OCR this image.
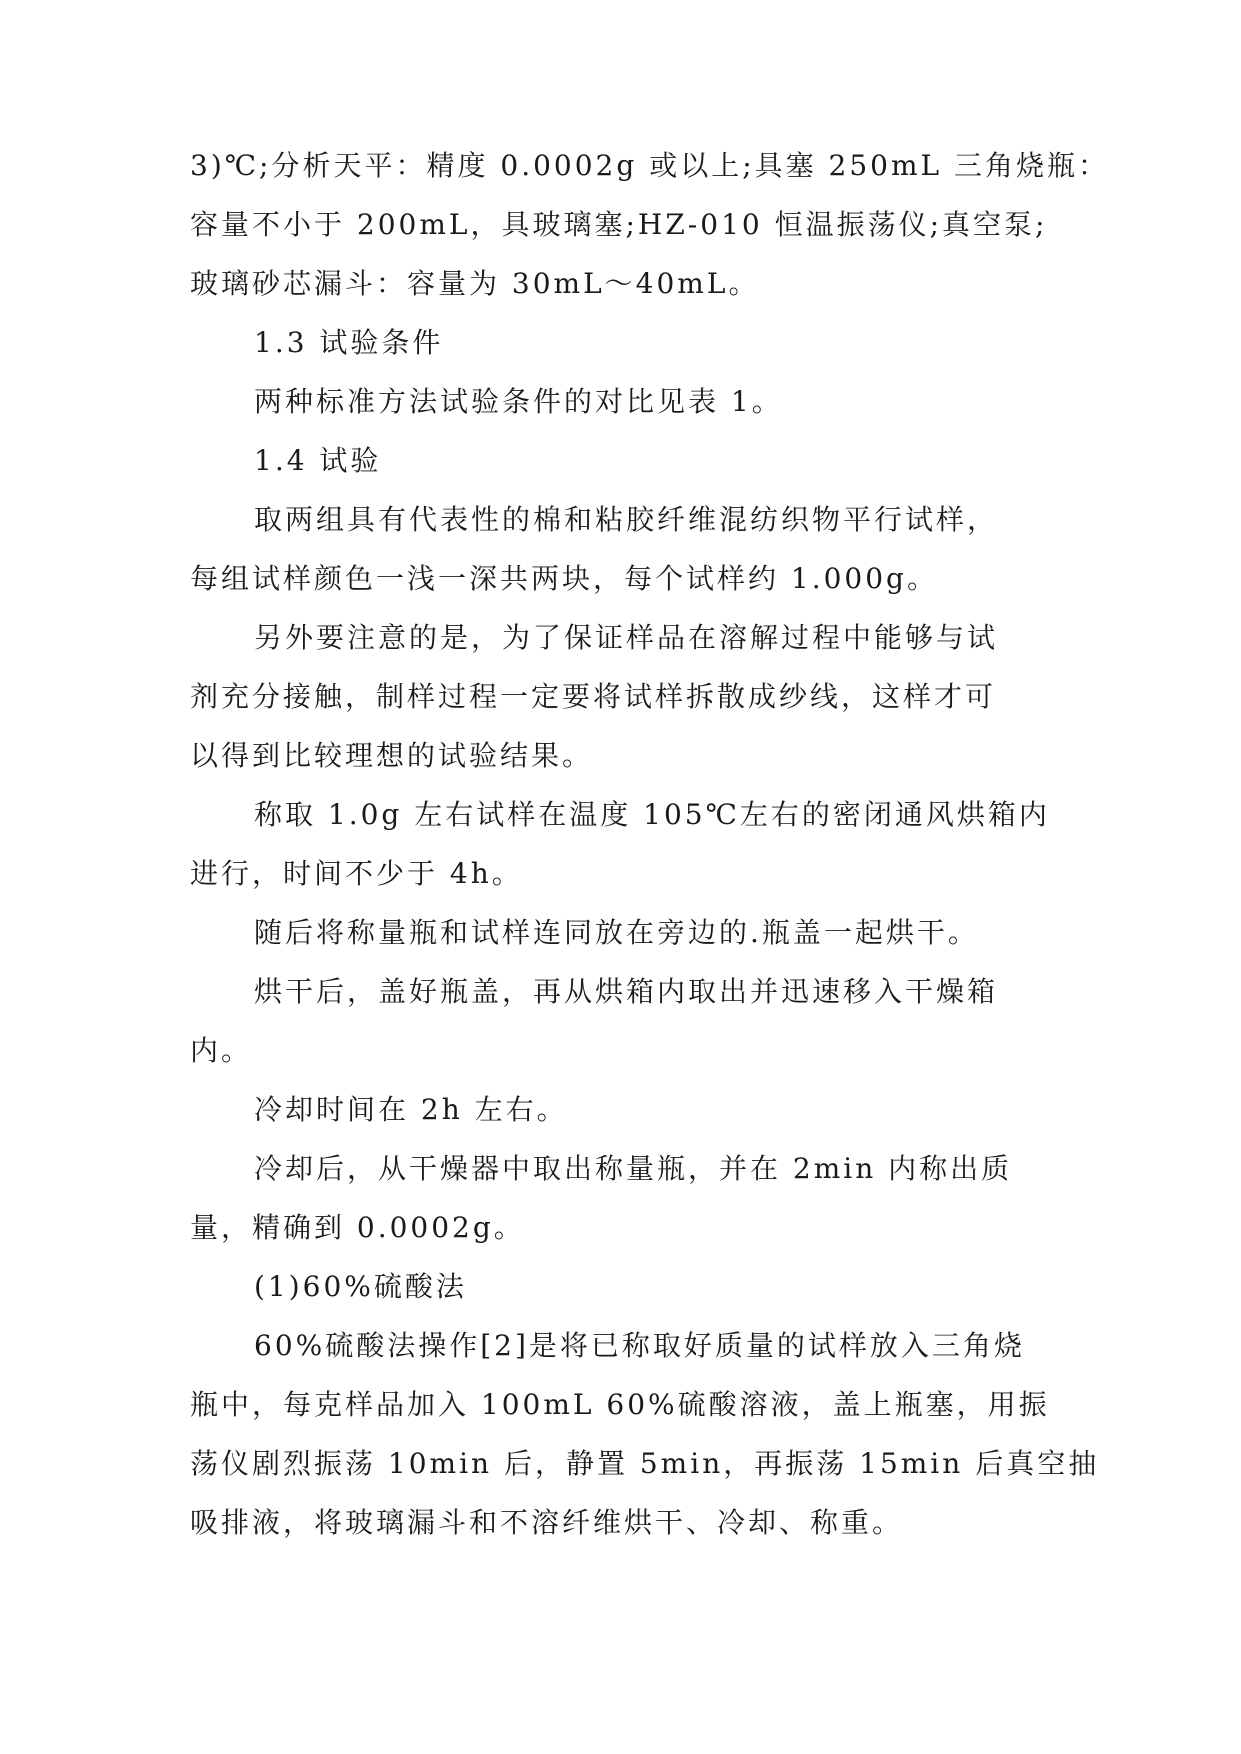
3)℃;分析天平：精度 0.0002g 或以上;具塞 250mL 三角烧瓶：
容量不小于 200mL，具玻璃塞;HZ-010 恒温振荡仪;真空泵;
玻璃砂芯漏斗：容量为 30mL～40mL。
1.3 试验条件
两种标准方法试验条件的对比见表 1。
1.4 试验
取两组具有代表性的棉和粘胶纤维混纺织物平行试样，
每组试样颜色一浅一深共两块，每个试样约 1.000g。
另外要注意的是，为了保证样品在溶解过程中能够与试
剂充分接触，制样过程一定要将试样拆散成纱线，这样才可
以得到比较理想的试验结果。
称取 1.0g 左右试样在温度 105℃左右的密闭通风烘箱内
进行，时间不少于 4h。
随后将称量瓶和试样连同放在旁边的.瓶盖一起烘干。
烘干后，盖好瓶盖，再从烘箱内取出并迅速移入干燥箱
内。
冷却时间在 2h 左右。
冷却后，从干燥器中取出称量瓶，并在 2min 内称出质
量，精确到 0.0002g。
(1)60%硫酸法
60%硫酸法操作[2]是将已称取好质量的试样放入三角烧
瓶中，每克样品加入 100mL 60%硫酸溶液，盖上瓶塞，用振
荡仪剧烈振荡 10min 后，静置 5min，再振荡 15min 后真空抽
吸排液，将玻璃漏斗和不溶纤维烘干、冷却、称重。
